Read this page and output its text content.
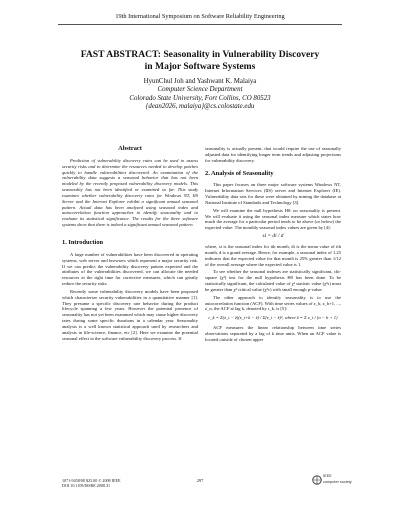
19th International Symposium on Software Reliability Engineering
FAST ABSTRACT: Seasonality in Vulnerability Discovery
in Major Software Systems
HyunChul Joh and Yashwant K. Malaiya
Computer Science Department
Colorado State University, Fort Collins, CO 80523
{dean2026, malaiya}@cs.colostate.edu
Abstract

Prediction of vulnerability discovery rates can be used to assess security risks and to determine the resources needed to develop patches quickly to handle vulnerabilities discovered. An examination of the vulnerability data suggests a seasonal behavior that has not been modeled by the recently proposed vulnerability discovery models. This seasonality has not been identified or examined so far. This study examines whether vulnerability discovery rates for Windows NT, IIS Server and the Internet Explorer exhibit a significant annual seasonal pattern. Actual data has been analyzed using seasonal index and autocorrelation function approaches to identify seasonality and to evaluate its statistical significance. The results for the three software systems show that there is indeed a significant annual seasonal pattern.

1. Introduction

A large number of vulnerabilities have been discovered in operating systems, web server and browsers which represent a major security risk. If we can predict the vulnerability discovery pattern expected and the attributes of the vulnerabilities discovered, we can allocate the needed resources at the right time for corrective measures, which can greatly reduce the security risks.

Recently some vulnerability discovery models have been proposed which characterize security vulnerabilities in a quantitative manner [1]. They presume a specific discovery rate behavior during the product lifecycle spanning a few years. However the potential presence of seasonality has not yet been examined which may cause higher discovery rates during some specific durations in a calendar year. Seasonality analysis is a well known statistical approach used by researchers and analysts in life-science, finance, etc [2]. Here we examine the potential seasonal effect in the software vulnerability discovery process. If

seasonality is actually present, that would require the use of seasonally adjusted data for identifying longer term trends and adjusting projections for vulnerability discovery.

2. Analysis of Seasonality

This paper focuses on three major software systems Windows NT, Internet Information Services (IIS) server and Internet Explorer (IE). Vulnerability data sets for these were obtained by mining the database at National Institute of Standards and Technology [3].

We will examine the null hypothesis H0: no seasonality is present. We will evaluate it using the seasonal index measure which states how much the average for a particular period tends to be above (or below) the expected value. The monthly seasonal index values are given by [4]:

si = di / d

where, si is the seasonal index for ith month, di is the mean value of ith month, d is a grand average. Hence, for example, a seasonal index of 1.25 indicates that the expected value for that month is 25% greater than 1/12 of the overall average where the expected value is 1.

To see whether the seasonal indexes are statistically significant, chi-square (χ²) test for the null hypothesis H0 has been done. To be statistically significant, the calculated value of χ² statistic value (χ²s) must be greater than χ² critical value (χ²c) with small enough p-value.

The other approach to identify seasonality is to use the autocorrelation function (ACF). With time series values of z_b, z_b+1, ..., z_n, the ACF at lag k, denoted by r_k, is [5]:

r_k = Σ(z_t − z̄)(z_t+k − z̄) / Σ(z_t − z̄)², where z̄ = Σ z_t / (n − b + 1)

ACF measures the linear relationship between time series observations separated by a lag of k time units. When an ACF value is located outside of chosen upper

1071-9458/08 $25.00 © 2008 IEEE
DOI 10.1109/ISSRE.2008.31
297
IEEE
computer society
